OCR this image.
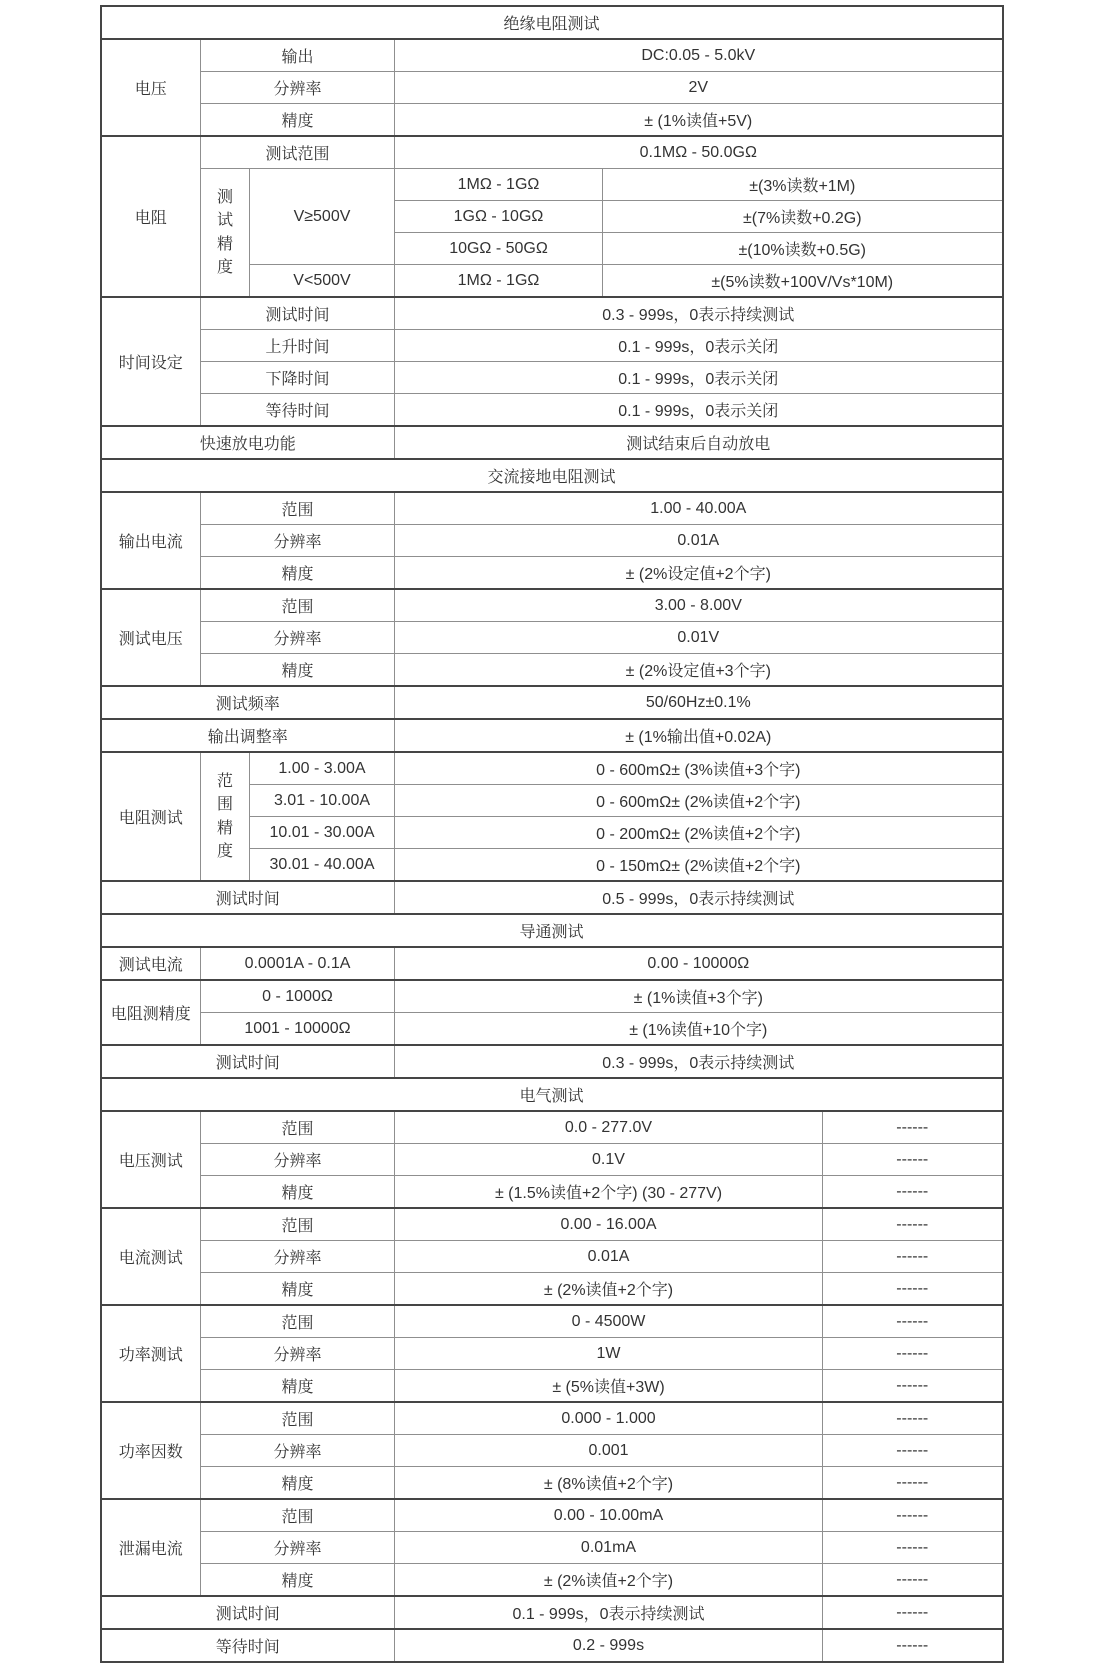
绝缘电阻测试					
电压	输出		DC:0.05 - 5.0kV		
	分辨率		2V		
	精度		± (1%读值+5V)		
电阻	测试范围		0.1MΩ - 50.0GΩ		

	测试精度	V≥500V	1MΩ - 1GΩ	±(3%读数+1M)	
			1GΩ - 10GΩ	±(7%读数+0.2G)	
			10GΩ - 50GΩ	±(10%读数+0.5G)	
		V<500V	1MΩ - 1GΩ	±(5%读数+100V/Vs*10M)	
时间设定	测试时间		0.3 - 999s，0表示持续测试		
	上升时间		0.1 - 999s，0表示关闭		
	下降时间		0.1 - 999s，0表示关闭		
	等待时间		0.1 - 999s，0表示关闭		
快速放电功能			测试结束后自动放电		
交流接地电阻测试					
输出电流	范围		1.00 - 40.00A		
	分辨率		0.01A		
	精度		± (2%设定值+2个字)		
测试电压	范围		3.00 - 8.00V		
	分辨率		0.01V		
	精度		± (2%设定值+3个字)		
测试频率			50/60Hz±0.1%		
输出调整率			± (1%输出值+0.02A)		
电阻测试	范围精度	1.00 - 3.00A	0 - 600mΩ± (3%读值+3个字)		
		3.01 - 10.00A	0 - 600mΩ± (2%读值+2个字)		
		10.01 - 30.00A	0 - 200mΩ± (2%读值+2个字)		
		30.01 - 40.00A	0 - 150mΩ± (2%读值+2个字)		
测试时间			0.5 - 999s，0表示持续测试		
导通测试					
测试电流	0.0001A - 0.1A		0.00 - 10000Ω		
电阻测精度	0 - 1000Ω		± (1%读值+3个字)		
	1001 - 10000Ω		± (1%读值+10个字)		
测试时间			0.3 - 999s，0表示持续测试		
电气测试					
电压测试	范围		0.0 - 277.0V		------
	分辨率		0.1V		------
	精度		± (1.5%读值+2个字) (30 - 277V)		------
电流测试	范围		0.00 - 16.00A		------
	分辨率		0.01A		------
	精度		± (2%读值+2个字)		------
功率测试	范围		0 - 4500W		------
	分辨率		1W		------
	精度		± (5%读值+3W)		------
功率因数	范围		0.000 - 1.000		------
	分辨率		0.001		------
	精度		± (8%读值+2个字)		------
泄漏电流	范围		0.00 - 10.00mA		------
	分辨率		0.01mA		------
	精度		± (2%读值+2个字)		------
测试时间			0.1 - 999s，0表示持续测试		------
等待时间			0.2 - 999s		------
